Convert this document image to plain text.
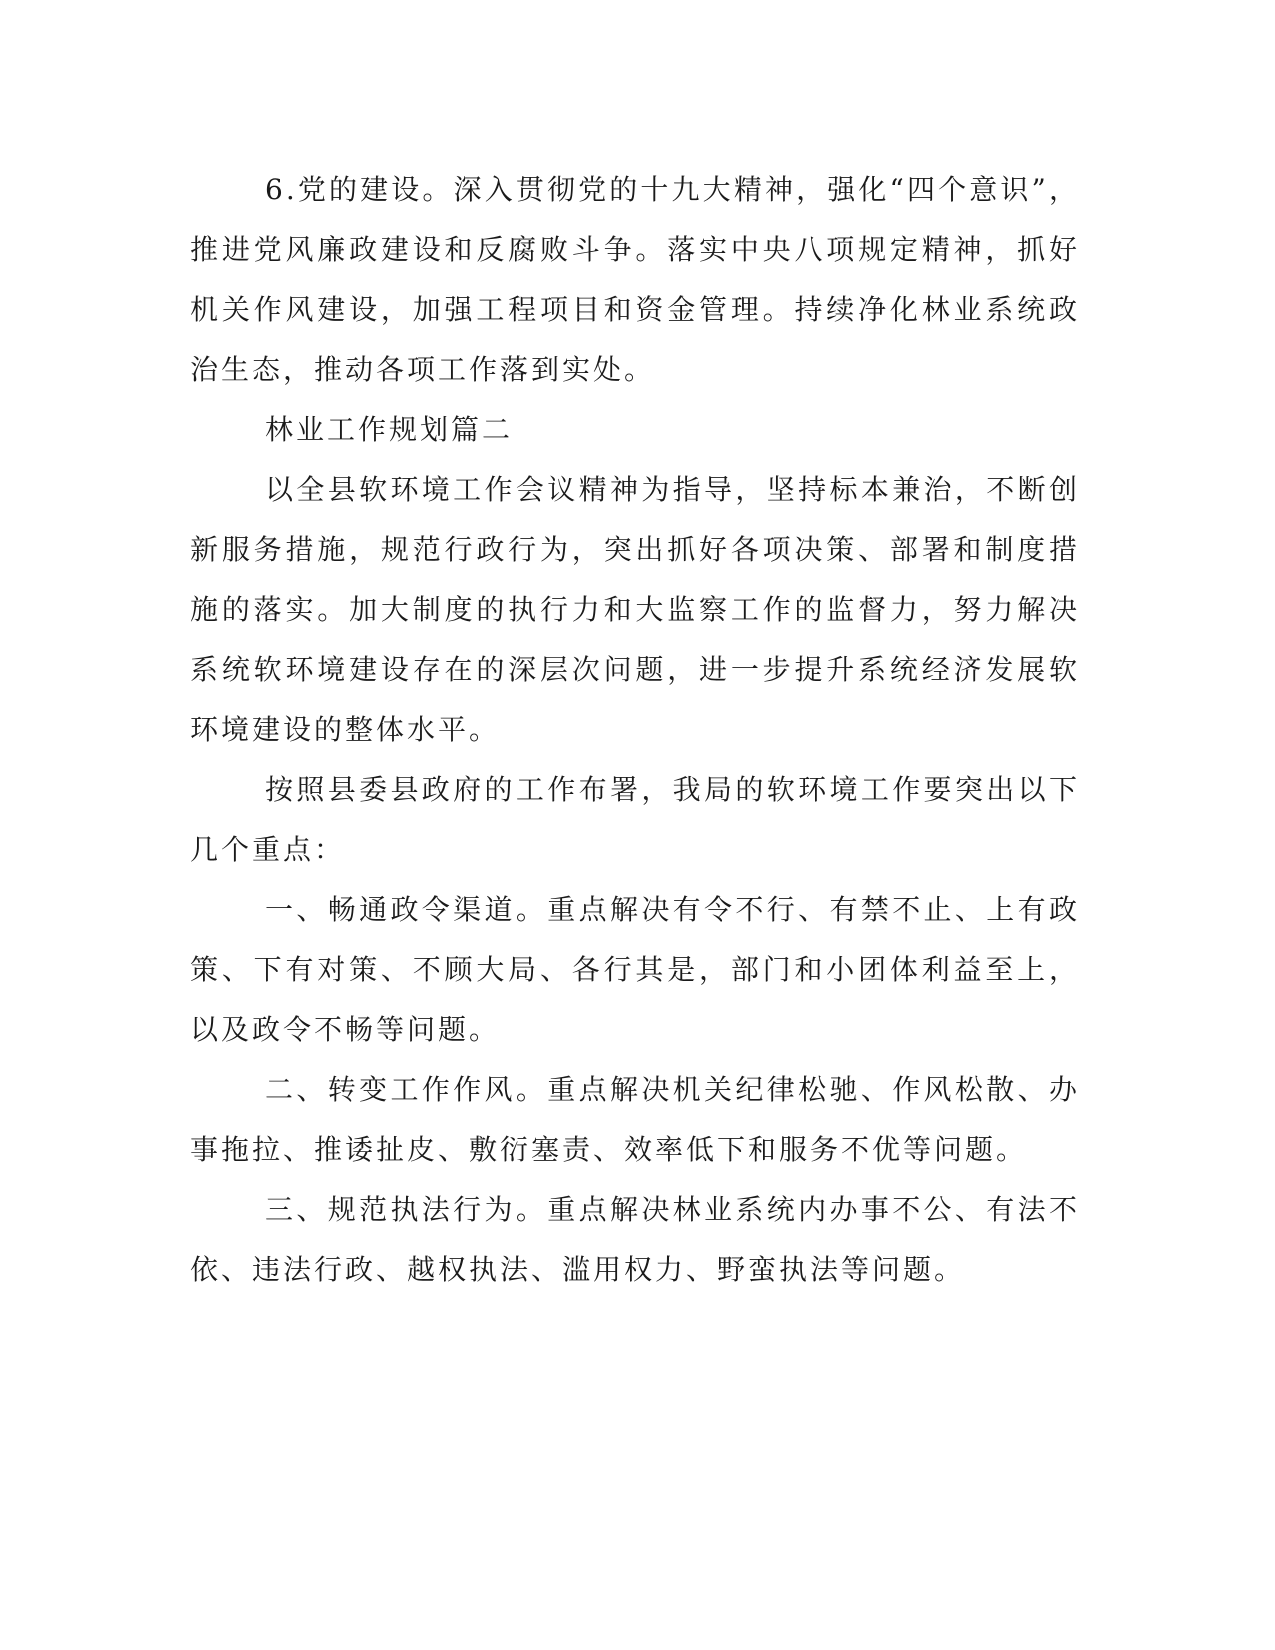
6.党的建设。深入贯彻党的十九大精神，强化“四个意识”，推进党风廉政建设和反腐败斗争。落实中央八项规定精神，抓好机关作风建设，加强工程项目和资金管理。持续净化林业系统政治生态，推动各项工作落到实处。

林业工作规划篇二

以全县软环境工作会议精神为指导，坚持标本兼治，不断创新服务措施，规范行政行为，突出抓好各项决策、部署和制度措施的落实。加大制度的执行力和大监察工作的监督力，努力解决系统软环境建设存在的深层次问题，进一步提升系统经济发展软环境建设的整体水平。

按照县委县政府的工作布署，我局的软环境工作要突出以下几个重点：

一、畅通政令渠道。重点解决有令不行、有禁不止、上有政策、下有对策、不顾大局、各行其是，部门和小团体利益至上，以及政令不畅等问题。

二、转变工作作风。重点解决机关纪律松驰、作风松散、办事拖拉、推诿扯皮、敷衍塞责、效率低下和服务不优等问题。

三、规范执法行为。重点解决林业系统内办事不公、有法不依、违法行政、越权执法、滥用权力、野蛮执法等问题。
